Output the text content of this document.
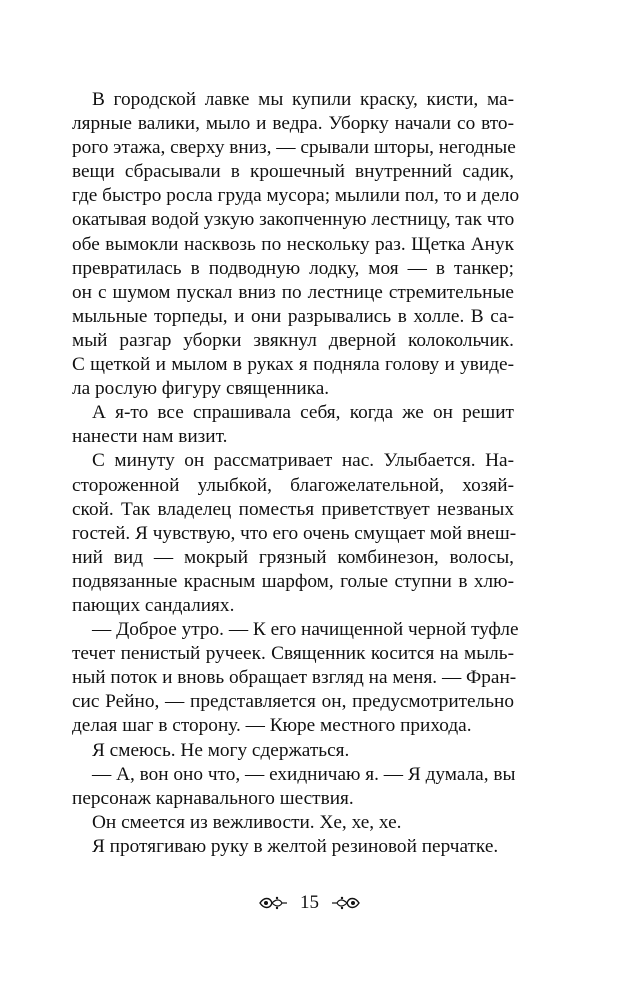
В городской лавке мы купили краску, кисти, ма-
лярные валики, мыло и ведра. Уборку начали со вто-
рого этажа, сверху вниз, — срывали шторы, негодные
вещи сбрасывали в крошечный внутренний садик,
где быстро росла груда мусора; мылили пол, то и дело
окатывая водой узкую закопченную лестницу, так что
обе вымокли насквозь по нескольку раз. Щетка Анук
превратилась в подводную лодку, моя — в танкер;
он с шумом пускал вниз по лестнице стремительные
мыльные торпеды, и они разрывались в холле. В са-
мый разгар уборки звякнул дверной колокольчик.
С щеткой и мылом в руках я подняла голову и увиде-
ла рослую фигуру священника.

А я-то все спрашивала себя, когда же он решит
нанести нам визит.

С минуту он рассматривает нас. Улыбается. На-
стороженной улыбкой, благожелательной, хозяй-
ской. Так владелец поместья приветствует незваных
гостей. Я чувствую, что его очень смущает мой внеш-
ний вид — мокрый грязный комбинезон, волосы,
подвязанные красным шарфом, голые ступни в хлю-
пающих сандалиях.

— Доброе утро. — К его начищенной черной туфле
течет пенистый ручеек. Священник косится на мыль-
ный поток и вновь обращает взгляд на меня. — Фран-
сис Рейно, — представляется он, предусмотрительно
делая шаг в сторону. — Кюре местного прихода.

Я смеюсь. Не могу сдержаться.

— А, вон оно что, — ехидничаю я. — Я думала, вы
персонаж карнавального шествия.

Он смеется из вежливости. Хе, хе, хе.

Я протягиваю руку в желтой резиновой перчатке.

15
